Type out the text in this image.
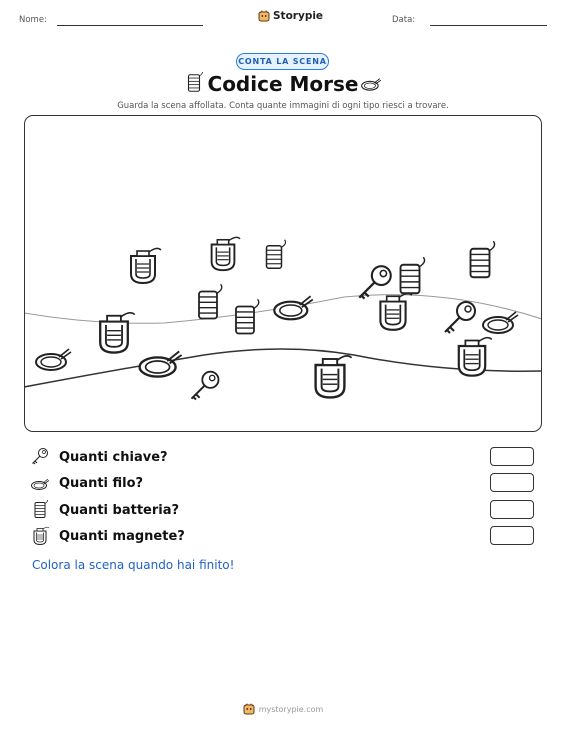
Nome:	Storypie	Data:
CONTA LA SCENA
Codice Morse
Guarda la scena affollata. Conta quante immagini di ogni tipo riesci a trovare.
Quanti chiave?
Quanti filo?
Quanti batteria?
Quanti magnete?
Colora la scena quando hai finito!
mystorypie.com
